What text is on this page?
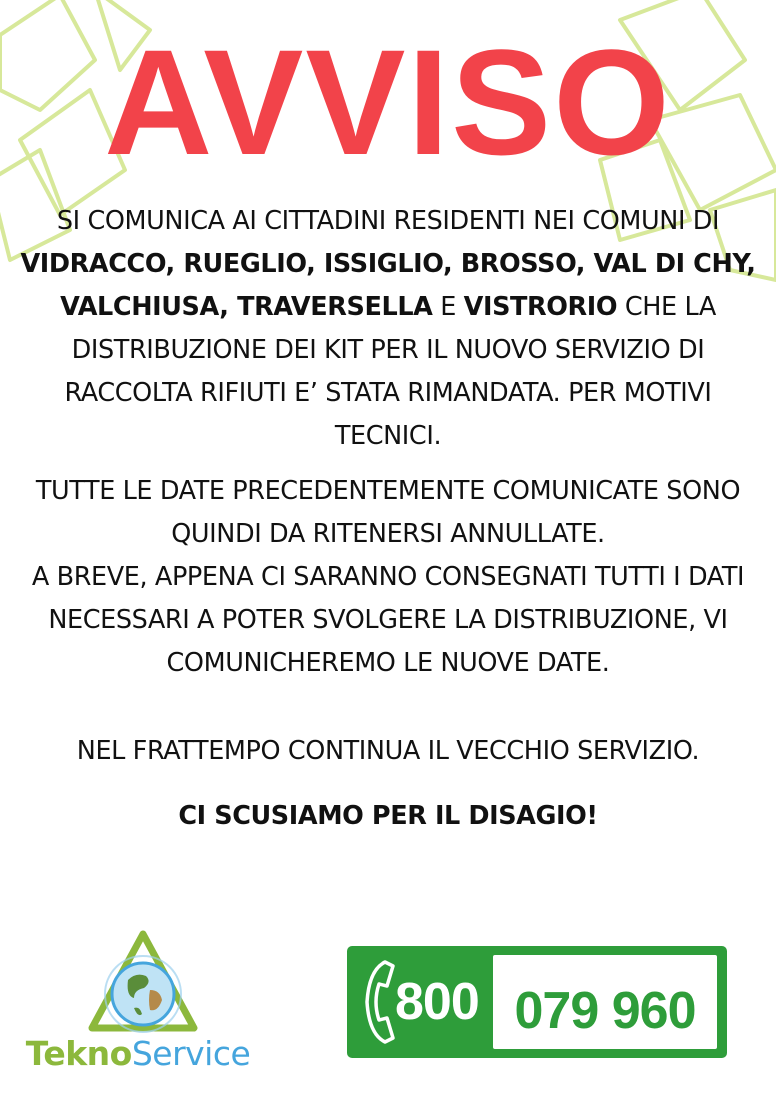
AVVISO

SI COMUNICA AI CITTADINI RESIDENTI NEI COMUNI DI VIDRACCO, RUEGLIO, ISSIGLIO, BROSSO, VAL DI CHY, VALCHIUSA, TRAVERSELLA E VISTRORIO CHE LA DISTRIBUZIONE DEI KIT PER IL NUOVO SERVIZIO DI RACCOLTA RIFIUTI E’ STATA RIMANDATA. PER MOTIVI TECNICI.

TUTTE LE DATE PRECEDENTEMENTE COMUNICATE SONO QUINDI DA RITENERSI ANNULLATE.
A BREVE, APPENA CI SARANNO CONSEGNATI TUTTI I DATI NECESSARI A POTER SVOLGERE LA DISTRIBUZIONE, VI COMUNICHEREMO LE NUOVE DATE.

NEL FRATTEMPO CONTINUA IL VECCHIO SERVIZIO.

CI SCUSIAMO PER IL DISAGIO!

TeknoService
800 079 960
